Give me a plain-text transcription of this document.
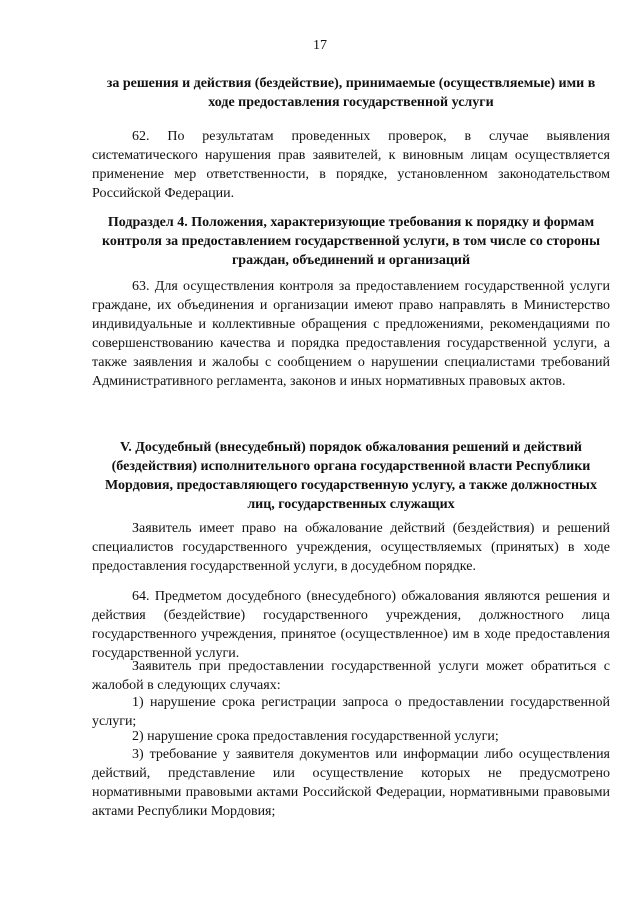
17
за решения и действия (бездействие), принимаемые (осуществляемые) ими в ходе предоставления государственной услуги

62. По результатам проведенных проверок, в случае выявления систематического нарушения прав заявителей, к виновным лицам осуществляется применение мер ответственности, в порядке, установленном законодательством Российской Федерации.

Подраздел 4. Положения, характеризующие требования к порядку и формам контроля за предоставлением государственной услуги, в том числе со стороны граждан, объединений и организаций

63. Для осуществления контроля за предоставлением государственной услуги граждане, их объединения и организации имеют право направлять в Министерство индивидуальные и коллективные обращения с предложениями, рекомендациями по совершенствованию качества и порядка предоставления государственной услуги, а также заявления и жалобы с сообщением о нарушении специалистами требований Административного регламента, законов и иных нормативных правовых актов.

V. Досудебный (внесудебный) порядок обжалования решений и действий (бездействия) исполнительного органа государственной власти Республики Мордовия, предоставляющего государственную услугу, а также должностных лиц, государственных служащих

Заявитель имеет право на обжалование действий (бездействия) и решений специалистов государственного учреждения, осуществляемых (принятых) в ходе предоставления государственной услуги, в досудебном порядке.

64. Предметом досудебного (внесудебного) обжалования являются решения и действия (бездействие) государственного учреждения, должностного лица государственного учреждения, принятое (осуществленное) им в ходе предоставления государственной услуги.

Заявитель при предоставлении государственной услуги может обратиться с жалобой в следующих случаях:

1) нарушение срока регистрации запроса о предоставлении государственной услуги;

2) нарушение срока предоставления государственной услуги;

3) требование у заявителя документов или информации либо осуществления действий, представление или осуществление которых не предусмотрено нормативными правовыми актами Российской Федерации, нормативными правовыми актами Республики Мордовия;
